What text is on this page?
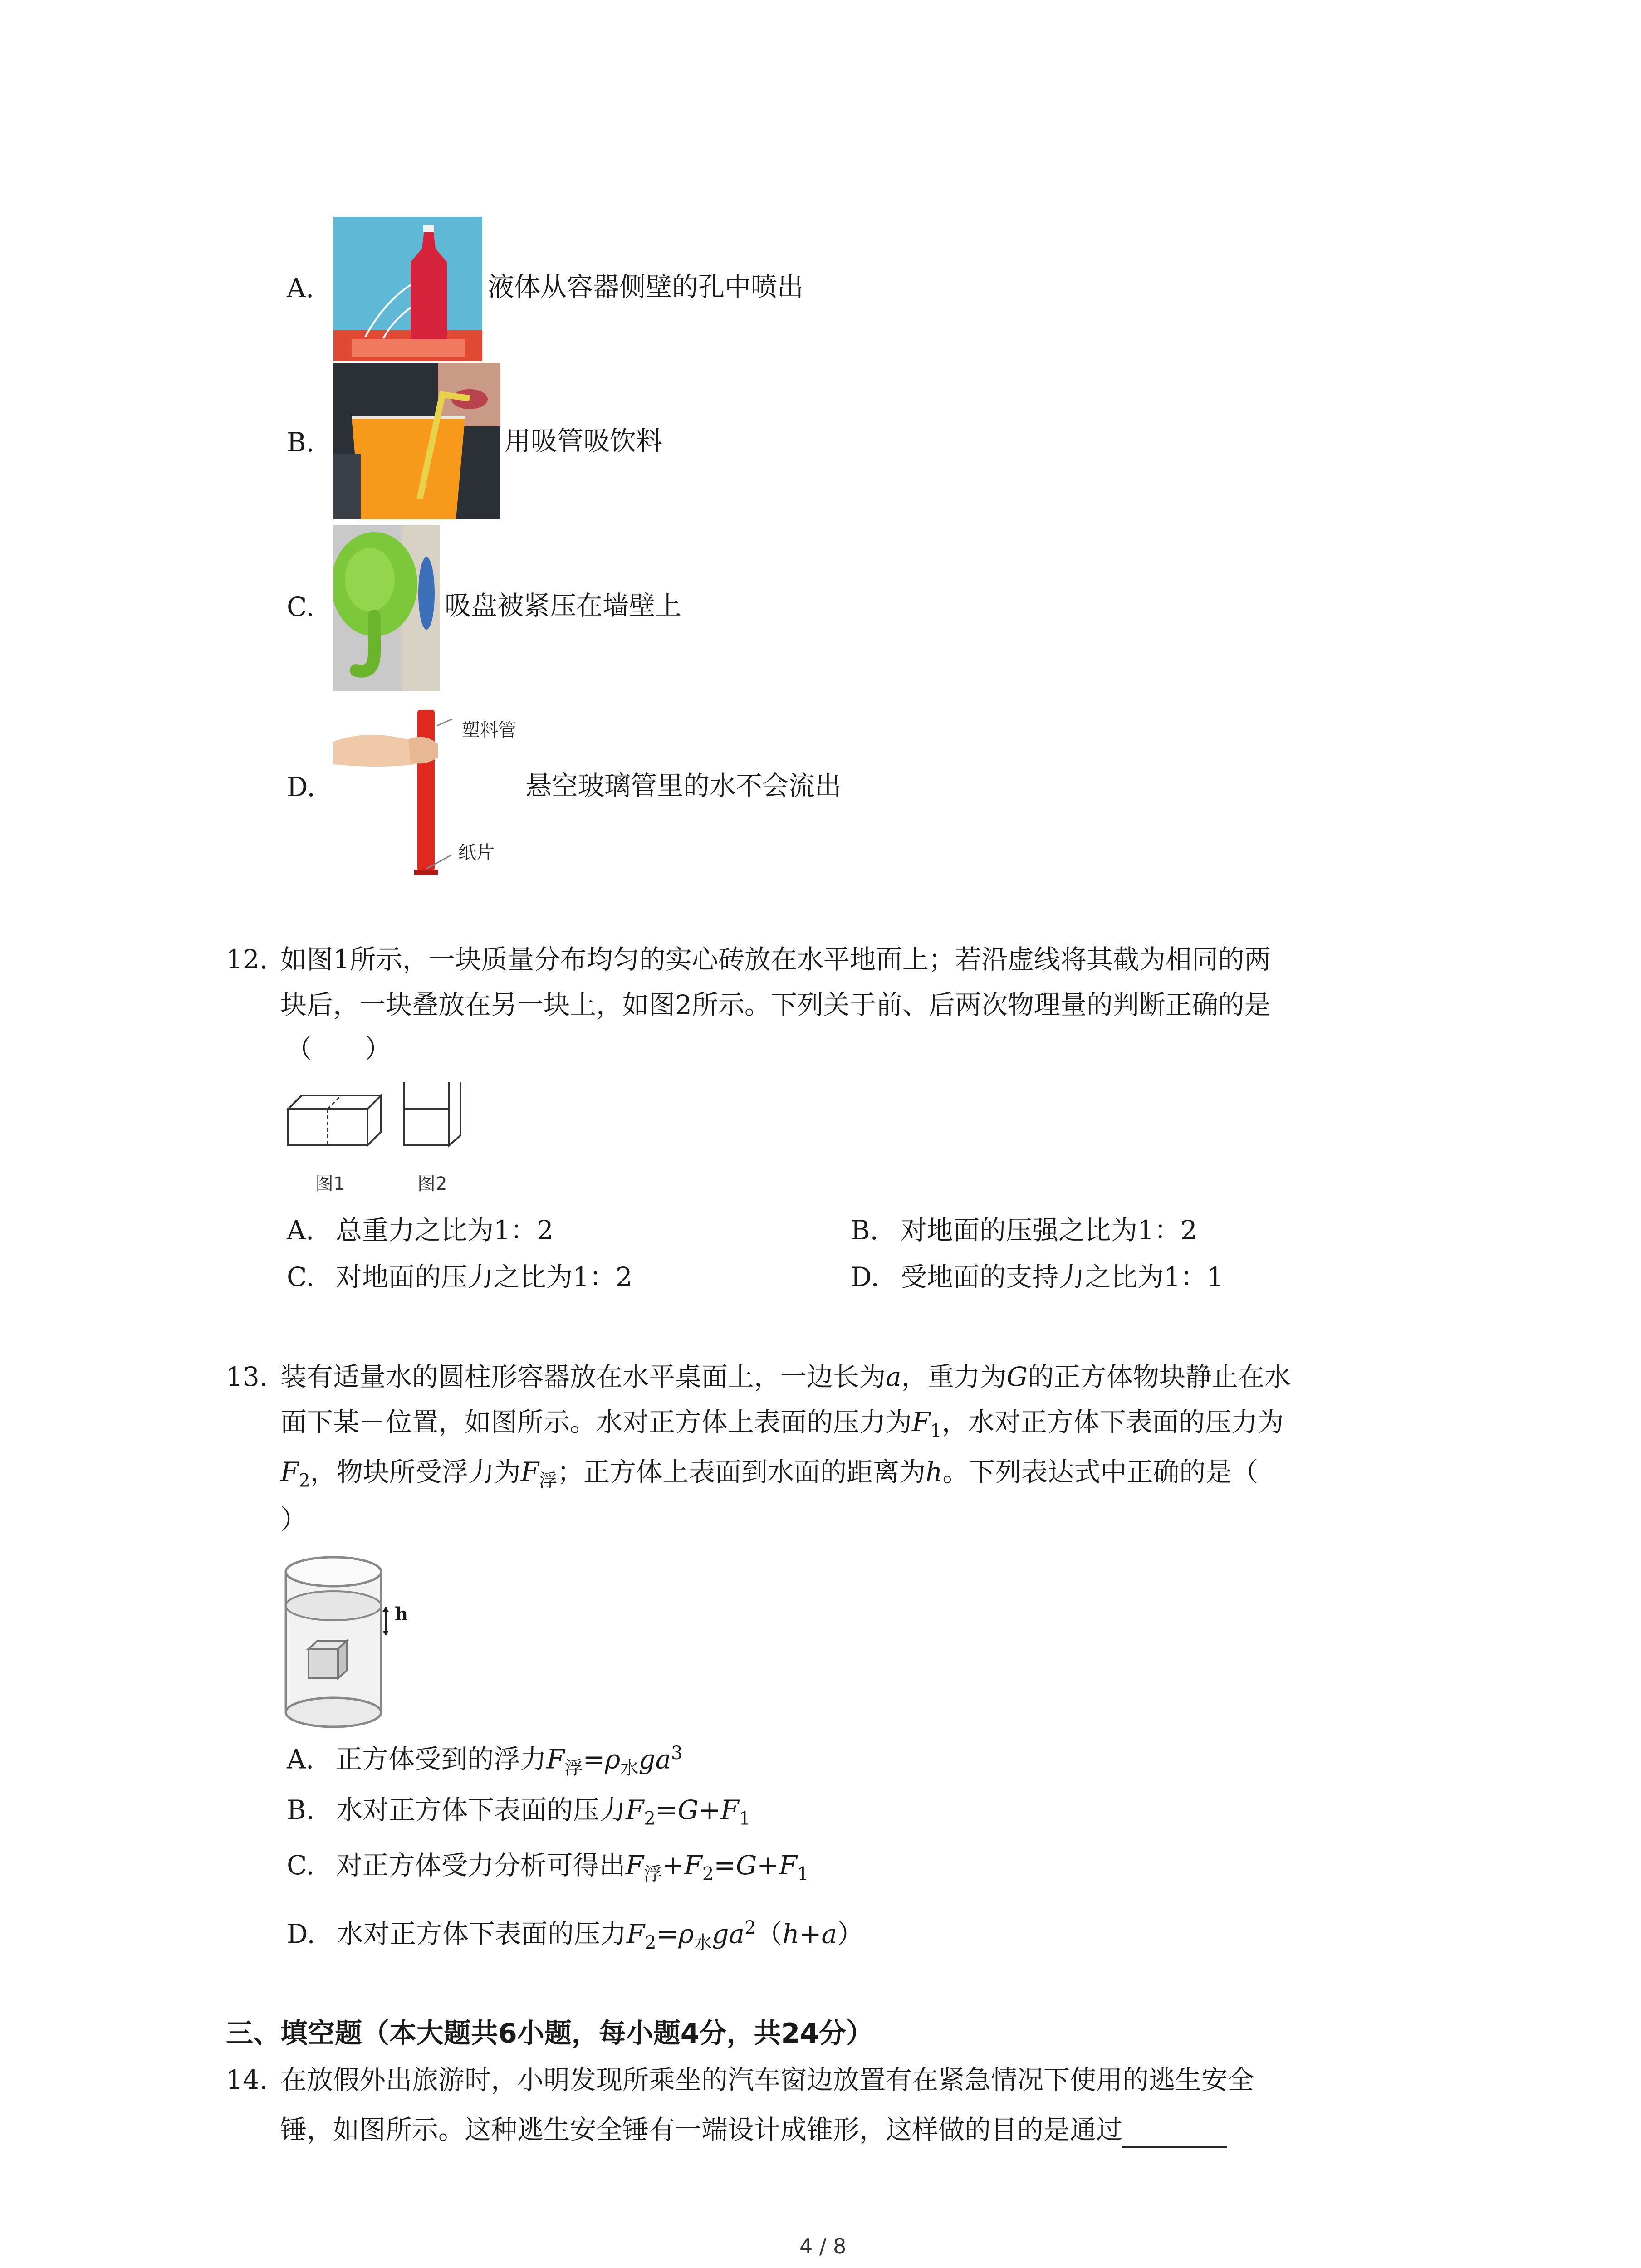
A.	液体从容器侧壁的孔中喷出
B.	用吸管吸饮料
C.	吸盘被紧压在墙壁上
D.
塑料管
纸片
悬空玻璃管里的水不会流出
12. 如图1所示，一块质量分布均匀的实心砖放在水平地面上；若沿虚线将其截为相同的两
块后，一块叠放在另一块上，如图2所示。下列关于前、后两次物理量的判断正确的是
（　　）
图1	图2
A. 总重力之比为1：2	B. 对地面的压强之比为1：2
C. 对地面的压力之比为1：2	D. 受地面的支持力之比为1：1
13. 装有适量水的圆柱形容器放在水平桌面上，一边长为a，重力为G的正方体物块静止在水
面下某－位置，如图所示。水对正方体上表面的压力为$F_1$，水对正方体下表面的压力为
$F_2$，物块所受浮力为$F_浮$；正方体上表面到水面的距离为h。下列表达式中正确的是（
）
h
A. 正方体受到的浮力$F_浮=\rho_水ga^3$
B. 水对正方体下表面的压力$F_2=G+F_1$
C. 对正方体受力分析可得出$F_浮+F_2=G+F_1$
D. 水对正方体下表面的压力$F_2=\rho_水ga^2(h+a)$
三、填空题（本大题共6小题，每小题4分，共24分）
14. 在放假外出旅游时，小明发现所乘坐的汽车窗边放置有在紧急情况下使用的逃生安全
锤，如图所示。这种逃生安全锤有一端设计成锥形，这样做的目的是通过
4 / 8
